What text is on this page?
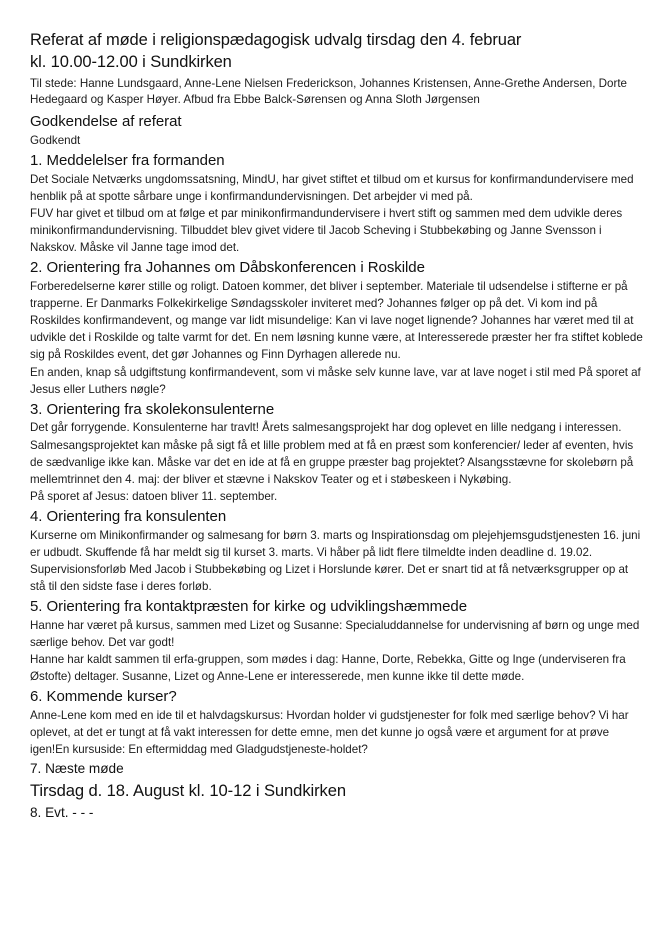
Referat af møde i religionspædagogisk udvalg tirsdag den 4. februar
kl. 10.00-12.00 i Sundkirken

Til stede: Hanne Lundsgaard, Anne-Lene Nielsen Frederickson, Johannes Kristensen, Anne-Grethe Andersen, Dorte Hedegaard og Kasper Høyer. Afbud fra Ebbe Balck-Sørensen og Anna Sloth Jørgensen

Godkendelse af referat

Godkendt

1. Meddelelser fra formanden

Det Sociale Netværks ungdomssatsning, MindU, har givet stiftet et tilbud om et kursus for konfirmandundervisere med henblik på at spotte sårbare unge i konfirmandundervisningen. Det arbejder vi med på.

FUV har givet et tilbud om at følge et par minikonfirmandundervisere i hvert stift og sammen med dem udvikle deres minikonfirmandundervisning. Tilbuddet blev givet videre til Jacob Scheving i Stubbekøbing og Janne Svensson i Nakskov. Måske vil Janne tage imod det.

2. Orientering fra Johannes om Dåbskonferencen i Roskilde

Forberedelserne kører stille og roligt. Datoen kommer, det bliver i september. Materiale til udsendelse i stifterne er på trapperne. Er Danmarks Folkekirkelige Søndagsskoler inviteret med? Johannes følger op på det. Vi kom ind på Roskildes konfirmandevent, og mange var lidt misundelige: Kan vi lave noget lignende? Johannes har været med til at udvikle det i Roskilde og talte varmt for det. En nem løsning kunne være, at Interesserede præster her fra stiftet koblede sig på Roskildes event, det gør Johannes og Finn Dyrhagen allerede nu.

En anden, knap så udgiftstung konfirmandevent, som vi måske selv kunne lave, var at lave noget i stil med På sporet af Jesus eller Luthers nøgle?

3. Orientering fra skolekonsulenterne

Det går forrygende. Konsulenterne har travlt! Årets salmesangsprojekt har dog oplevet en lille nedgang i interessen. Salmesangsprojektet kan måske på sigt få et lille problem med at få en præst som konferencier/ leder af eventen, hvis de sædvanlige ikke kan. Måske var det en ide at få en gruppe præster bag projektet? Alsangsstævne for skolebørn på mellemtrinnet den 4. maj: der bliver et stævne i Nakskov Teater og et i støbeskeen i Nykøbing.

På sporet af Jesus: datoen bliver 11. september.

4. Orientering fra konsulenten

Kurserne om Minikonfirmander og salmesang for børn 3. marts og Inspirationsdag om plejehjemsgudstjenesten 16. juni er udbudt. Skuffende få har meldt sig til kurset 3. marts. Vi håber på lidt flere tilmeldte inden deadline d. 19.02.

Supervisionsforløb Med Jacob i Stubbekøbing og Lizet i Horslunde kører. Det er snart tid at få netværksgrupper op at stå til den sidste fase i deres forløb.

5. Orientering fra kontaktpræsten for kirke og udviklingshæmmede

Hanne har været på kursus, sammen med Lizet og Susanne: Specialuddannelse for undervisning af børn og unge med særlige behov. Det var godt!

Hanne har kaldt sammen til erfa-gruppen, som mødes i dag: Hanne, Dorte, Rebekka, Gitte og Inge (underviseren fra Østofte) deltager. Susanne, Lizet og Anne-Lene er interesserede, men kunne ikke til dette møde.

6. Kommende kurser?

Anne-Lene kom med en ide til et halvdagskursus: Hvordan holder vi gudstjenester for folk med særlige behov? Vi har oplevet, at det er tungt at få vakt interessen for dette emne, men det kunne jo også være et argument for at prøve igen!En kursuside: En eftermiddag med Gladgudstjeneste-holdet?

7. Næste møde

Tirsdag d. 18. August kl. 10-12 i Sundkirken

8. Evt. - - -
